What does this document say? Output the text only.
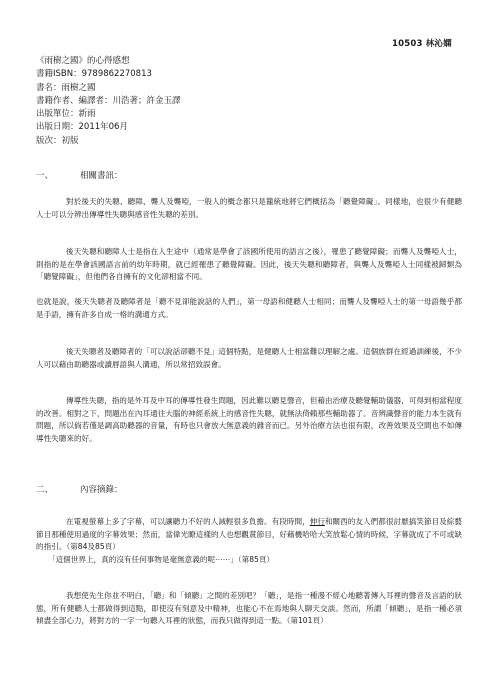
10503 林沁嫻
《雨樹之國》的心得感想
書籍ISBN：9789862270813
書名：雨樹之國
書籍作者、編譯者：川浩著；許金玉譯
出版單位：新雨
出版日期：2011年06月
版次：初版
一、	相關書訊：

對於後天的失聰、聽障、聾人及聾啞，一般人的概念都只是籠統地將它們概括為「聽覺障礙」。同樣地，也很少有健聽人士可以分辨出傳導性失聰與感音性失聰的差別。

後天失聰和聽障人士是指在人生途中（通常是學會了該國所使用的語言之後），罹患了聽覺障礙；而聾人及聾啞人士，則指的是在學會該國語言前的幼年時期，就已經罹患了聽覺障礙。因此，後天失聰和聽障者，與聾人及聾啞人士同樣被歸類為「聽覺障礙」，但他們各自擁有的文化卻相當不同。

也就是說，後天失聰者及聽障者是「聽不見卻能說話的人們」，第一母語和健聽人士相同；而聾人及聾啞人士的第一母語幾乎都是手語，擁有許多自成一格的溝通方式。

後天失聰者及聽障者的「可以說話卻聽不見」這個特點，是健聽人士相當難以理解之處。這個族群在經過訓練後，不少人可以藉由助聽器或讀唇語與人溝通，所以常招致誤會。

傳導性失聰，指的是外耳及中耳的傳導性發生問題，因此難以聽見聲音，但藉由治療及聽覺輔助儀器，可得到相當程度的改善。相對之下，問題出在內耳通往大腦的神經系統上的感音性失聰，就無法倚賴那些輔助器了。音辨識聲音的能力本生就有問題，所以倘若僅是調高助聽器的音量，有時也只會放大無意義的雜音而已。另外治療方法也很有限，改善效果及空間也不如傳導性失聰來的好。

二、	內容摘錄：

在電視螢幕上多了字幕，可以讓聽力不好的人減輕很多負擔。有段時間，伸行和關西的友人們都很討厭搞笑節目及綜藝節目那種使用過度的字幕效果；然而，當偉光瞭這樣的人也想觀賞節目，好藉機哈哈大笑放鬆心情的時候，字幕就成了不可或缺的指引。（第84及85頁）

「這個世界上，真的沒有任何事物是毫無意義的呢⋯⋯」（第85頁）

我想使先生你並不明白，「聽」和「傾聽」之間的差別吧？「聽」，是指一種漫不經心地聽著傳入耳裡的聲音及言語的狀態，所有健聽人士都做得到這點，即使沒有刻意及中精神，也能心不在焉地與人聊天交談。然而，所謂「傾聽」，是指一種必須傾盡全部心力，將對方的一字一句聽入耳裡的狀態，而我只做得到這一點。（第101頁）
